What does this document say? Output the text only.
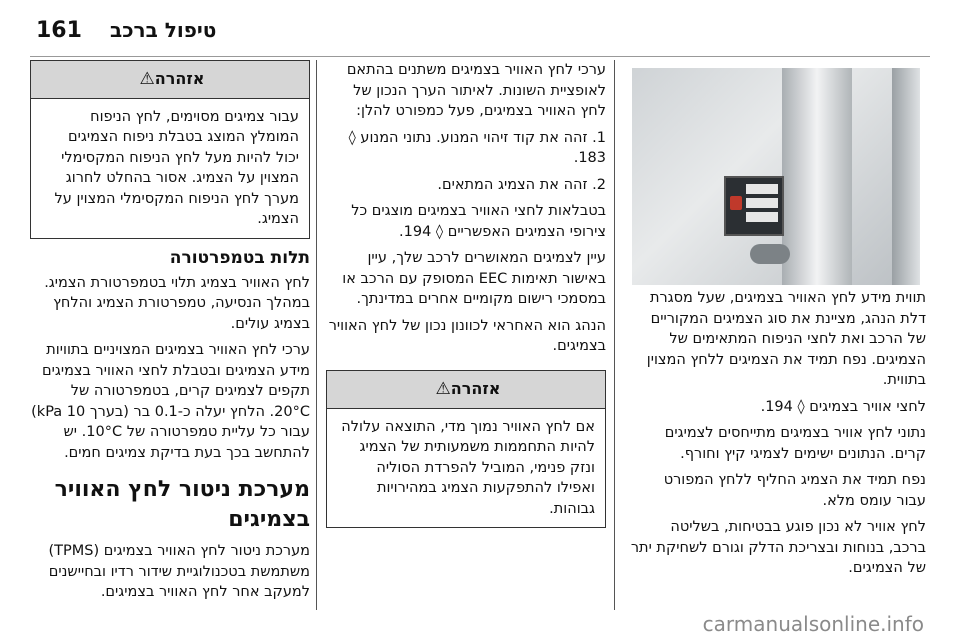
161 טיפול ברכב

תווית מידע לחץ האוויר בצמיגים, שעל מסגרת דלת הנהג, מציינת את סוג הצמיגים המקוריים של הרכב ואת לחצי הניפוח המתאימים של הצמיגים. נפח תמיד את הצמיגים ללחץ המצוין בתווית.

לחצי אוויר בצמיגים ◊ 194.

נתוני לחץ אוויר בצמיגים מתייחסים לצמיגים קרים. הנתונים ישימים לצמיגי קיץ וחורף.

נפח תמיד את הצמיג החליף ללחץ המפורט עבור עומס מלא.

לחץ אוויר לא נכון פוגע בבטיחות, בשליטה ברכב, בנוחות ובצריכת הדלק וגורם לשחיקת יתר של הצמיגים.

ערכי לחץ האוויר בצמיגים משתנים בהתאם לאופציית השונות. לאיתור הערך הנכון של לחץ האוויר בצמיגים, פעל כמפורט להלן:

1. זהה את קוד זיהוי המנוע. נתוני המנוע ◊ 183.

2. זהה את הצמיג המתאים.

בטבלאות לחצי האוויר בצמיגים מוצגים כל צירופי הצמיגים האפשריים ◊ 194.

עיין לצמיגים המאושרים לרכב שלך, עיין באישור תאימות EEC המסופק עם הרכב או במסמכי רישום מקומיים אחרים במדינתך.

הנהג הוא האחראי לכוונון נכון של לחץ האוויר בצמיגים.

אזהרה⚠
אם לחץ האוויר נמוך מדי, התוצאה עלולה להיות התחממות משמעותית של הצמיג ונזק פנימי, המוביל להפרדת הסוליה ואפילו להתפקעות הצמיג במהירויות גבוהות.
אזהרה⚠
עבור צמיגים מסוימים, לחץ הניפוח המומלץ המוצג בטבלת ניפוח הצמיגים יכול להיות מעל לחץ הניפוח המקסימלי המצוין על הצמיג. אסור בהחלט לחרוג מערך לחץ הניפוח המקסימלי המצוין על הצמיג.
תלות בטמפרטורה

לחץ האוויר בצמיג תלוי בטמפרטורת הצמיג. במהלך הנסיעה, טמפרטורת הצמיג והלחץ בצמיג עולים.

ערכי לחץ האוויר בצמיגים המצויניים בתוויות מידע הצמיגים ובטבלת לחצי האוויר בצמיגים תקפים לצמיגים קרים, בטמפרטורה של 20°C. הלחץ יעלה כ-0.1 בר (בערך 10 kPa) עבור כל עליית טמפרטורה של 10°C. יש להתחשב בכך בעת בדיקת צמיגים חמים.

מערכת ניטור לחץ האוויר בצמיגים

מערכת ניטור לחץ האוויר בצמיגים (TPMS) משתמשת בטכנולוגיית שידור רדיו ובחיישנים למעקב אחר לחץ האוויר בצמיגים.

carmanualsonline.info
